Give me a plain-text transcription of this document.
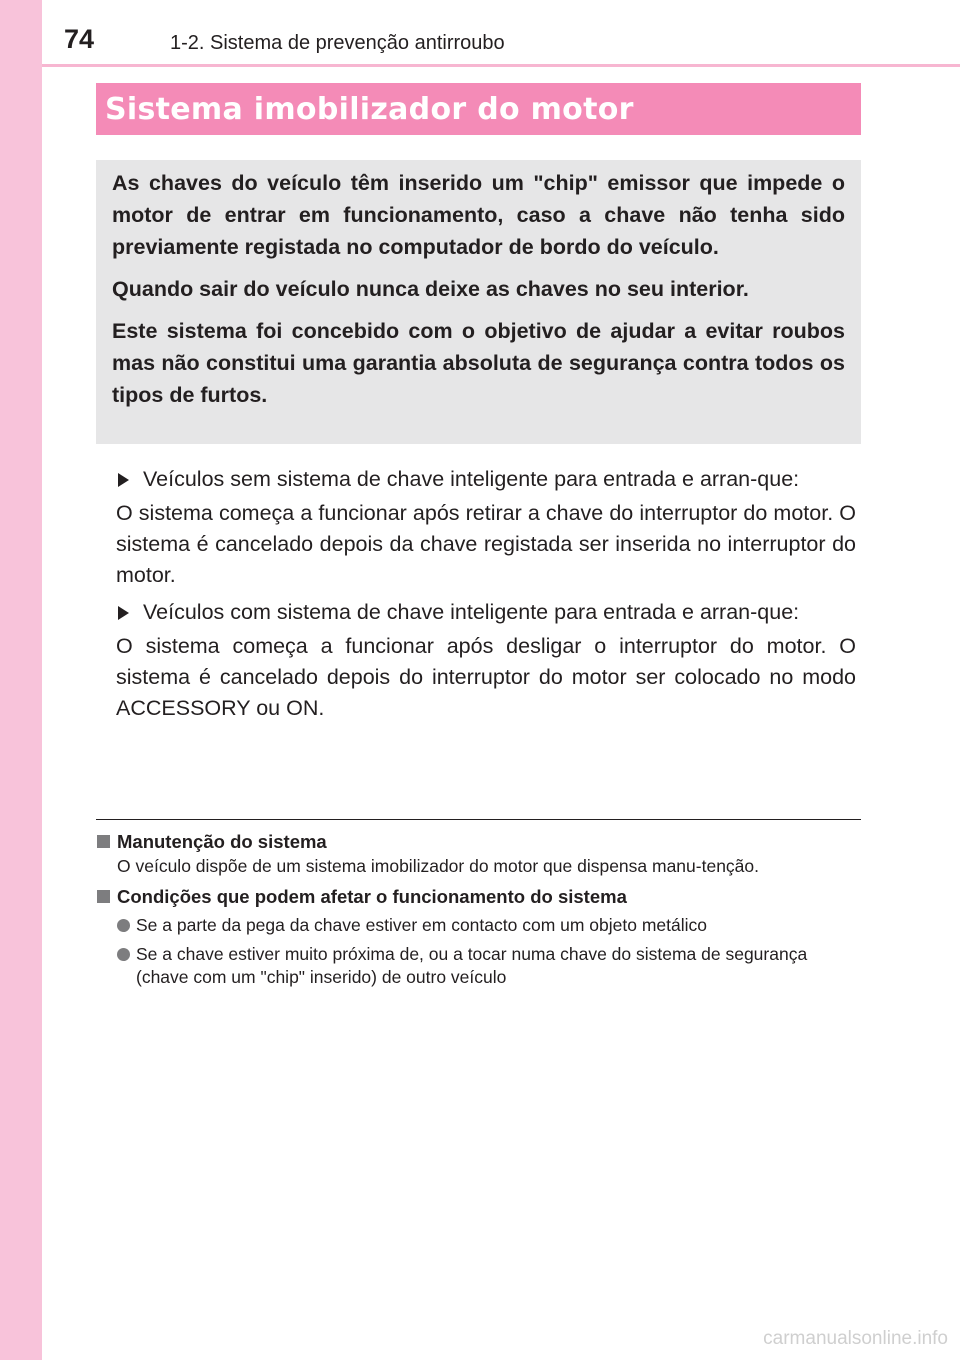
74	1-2. Sistema de prevenção antirroubo
Sistema imobilizador do motor

As chaves do veículo têm inserido um "chip" emissor que impede o motor de entrar em funcionamento, caso a chave não tenha sido previamente registada no computador de bordo do veículo.

Quando sair do veículo nunca deixe as chaves no seu interior.

Este sistema foi concebido com o objetivo de ajudar a evitar roubos mas não constitui uma garantia absoluta de segurança contra todos os tipos de furtos.

Veículos sem sistema de chave inteligente para entrada e arran-que:

O sistema começa a funcionar após retirar a chave do interruptor do motor. O sistema é cancelado depois da chave registada ser inserida no interruptor do motor.

Veículos com sistema de chave inteligente para entrada e arran-que:

O sistema começa a funcionar após desligar o interruptor do motor. O sistema é cancelado depois do interruptor do motor ser colocado no modo ACCESSORY ou ON.

Manutenção do sistema

O veículo dispõe de um sistema imobilizador do motor que dispensa manu-tenção.

Condições que podem afetar o funcionamento do sistema

Se a parte da pega da chave estiver em contacto com um objeto metálico
Se a chave estiver muito próxima de, ou a tocar numa chave do sistema de segurança (chave com um "chip" inserido) de outro veículo
carmanualsonline.info
